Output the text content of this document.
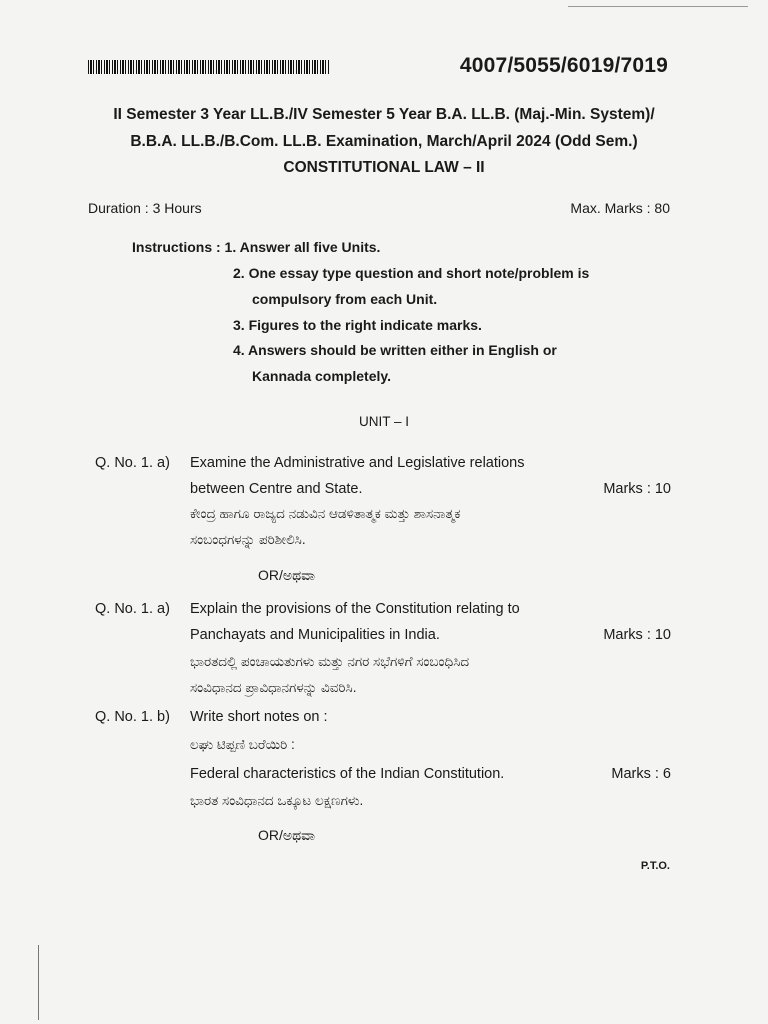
4007/5055/6019/7019
II Semester 3 Year LL.B./IV Semester 5 Year B.A. LL.B. (Maj.-Min. System)/
B.B.A. LL.B./B.Com. LL.B. Examination, March/April 2024 (Odd Sem.)
CONSTITUTIONAL LAW – II
Duration : 3 Hours	Max. Marks : 80
Instructions : 1. Answer all five Units.
2. One essay type question and short note/problem is
compulsory from each Unit.
3. Figures to the right indicate marks.
4. Answers should be written either in English or
Kannada completely.
UNIT – I
Q. No. 1. a) Examine the Administrative and Legislative relations
between Centre and State.	Marks : 10
ಕೇಂದ್ರ ಹಾಗೂ ರಾಜ್ಯದ ನಡುವಿನ ಆಡಳಿತಾತ್ಮಕ ಮತ್ತು ಶಾಸನಾತ್ಮಕ
ಸಂಬಂಧಗಳನ್ನು ಪರಿಶೀಲಿಸಿ.
OR/ಅಥವಾ
Q. No. 1. a) Explain the provisions of the Constitution relating to
Panchayats and Municipalities in India.	Marks : 10
ಭಾರತದಲ್ಲಿ ಪಂಚಾಯತುಗಳು ಮತ್ತು ನಗರ ಸಭೆಗಳಿಗೆ ಸಂಬಂಧಿಸಿದ
ಸಂವಿಧಾನದ ಪ್ರಾವಿಧಾನಗಳನ್ನು ವಿವರಿಸಿ.
Q. No. 1. b) Write short notes on :
ಲಘು ಟಿಪ್ಪಣಿ ಬರೆಯಿರಿ :
Federal characteristics of the Indian Constitution.	Marks : 6
ಭಾರತ ಸಂವಿಧಾನದ ಒಕ್ಕೂಟ ಲಕ್ಷಣಗಳು.
OR/ಅಥವಾ
P.T.O.
